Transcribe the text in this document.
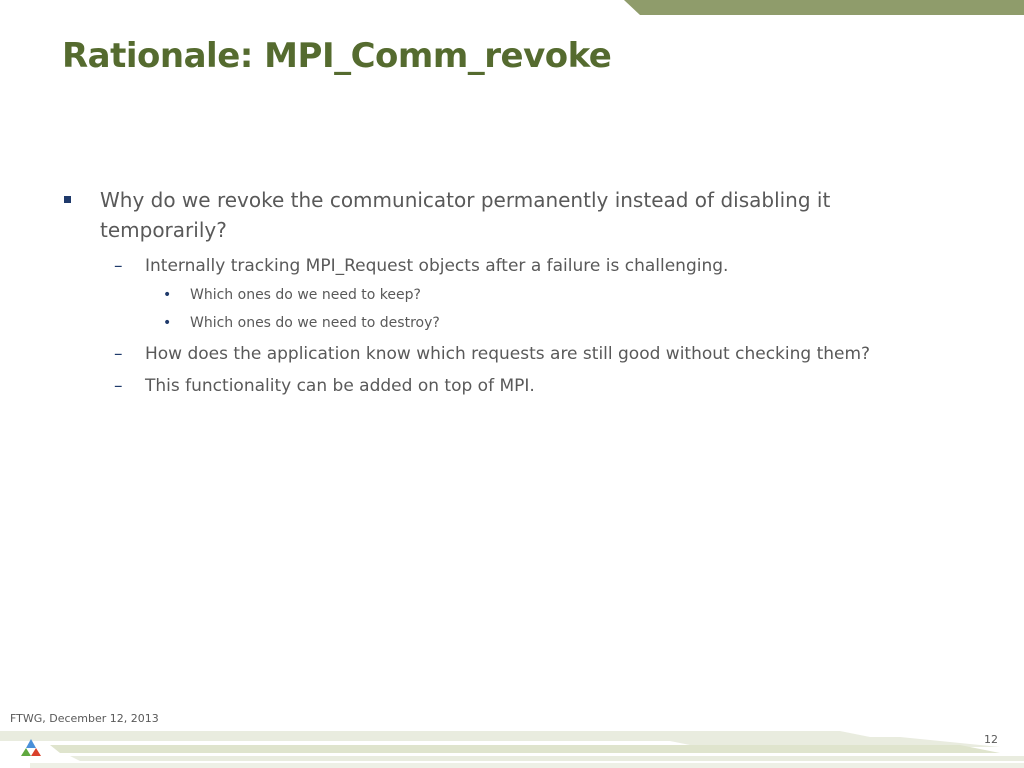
Rationale: MPI_Comm_revoke
Why do we revoke the communicator permanently instead of disabling it temporarily?
– Internally tracking MPI_Request objects after a failure is challenging.
• Which ones do we need to keep?
• Which ones do we need to destroy?
– How does the application know which requests are still good without checking them?
– This functionality can be added on top of MPI.
FTWG, December 12, 2013
12
